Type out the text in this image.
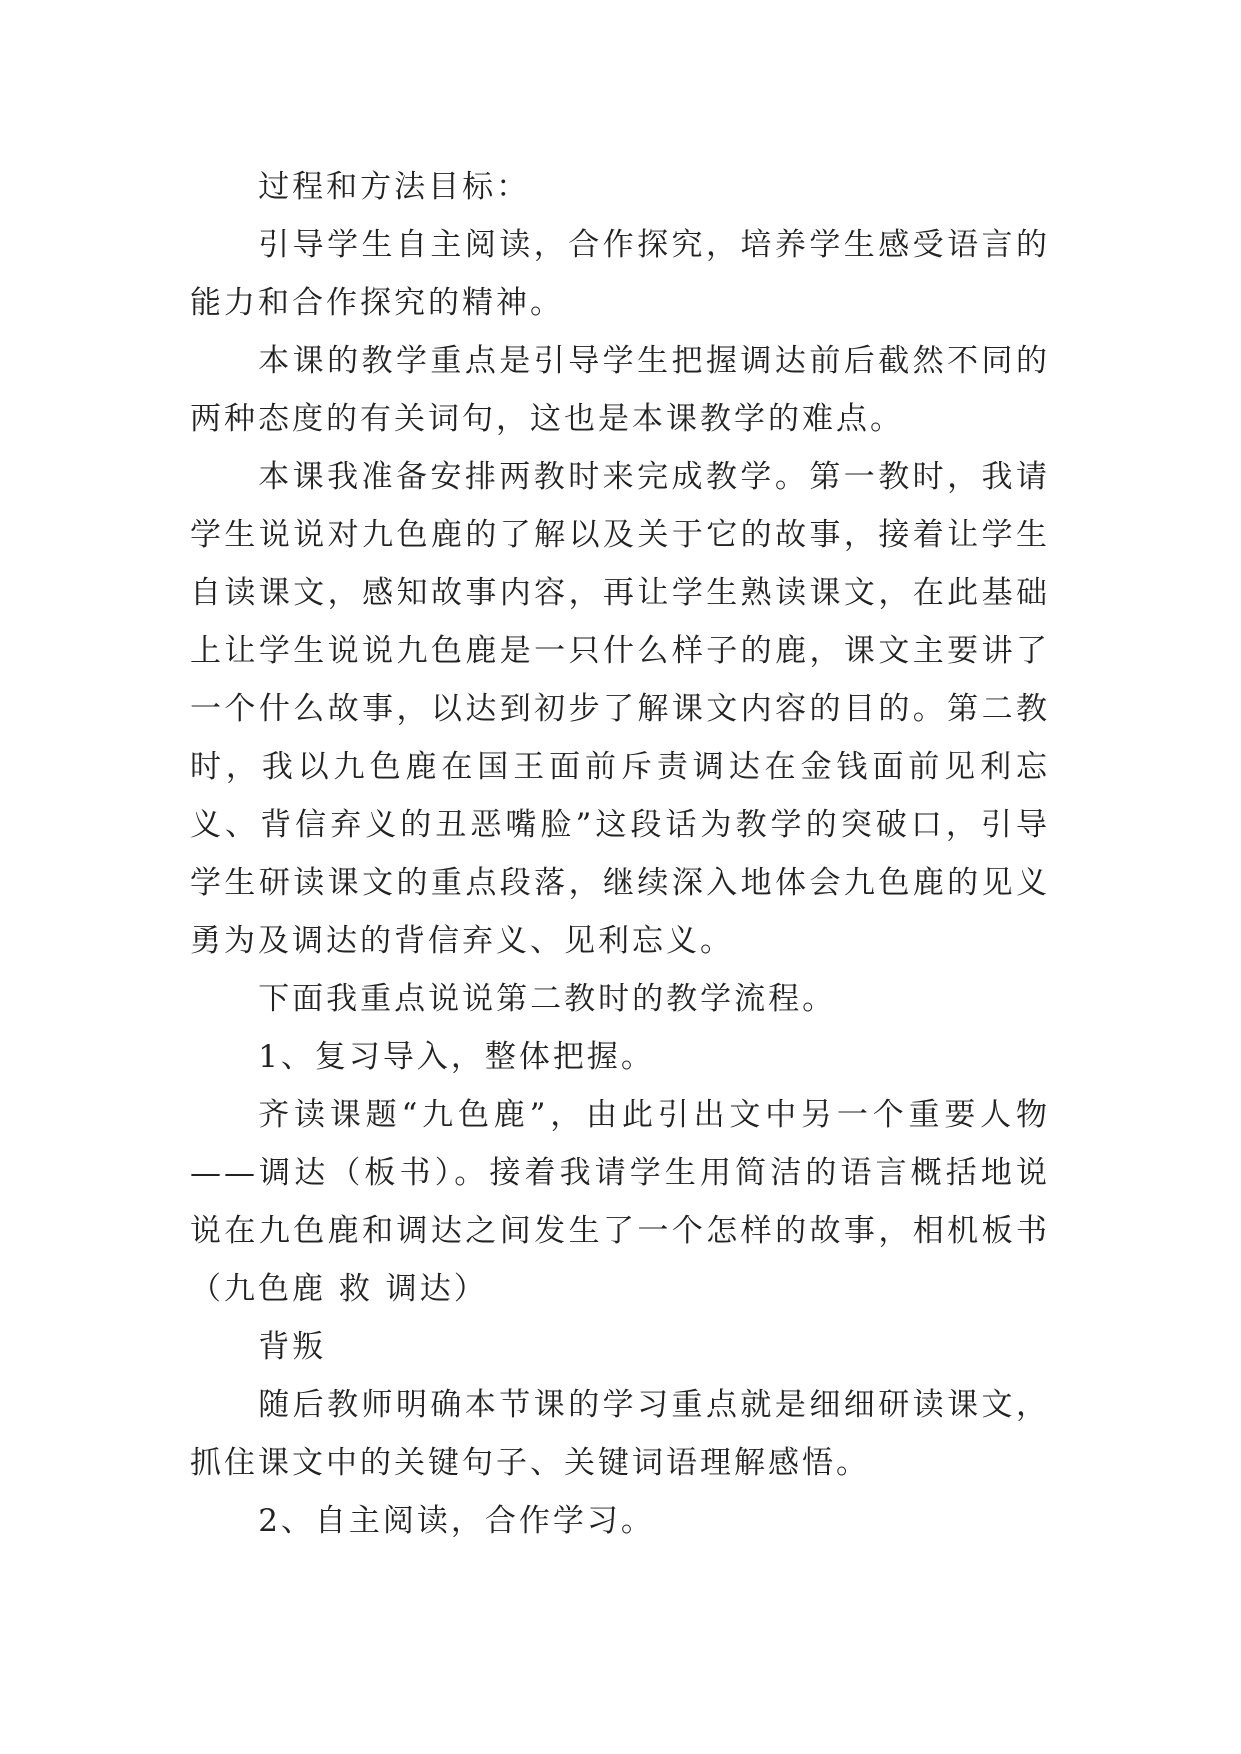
过程和方法目标：

引导学生自主阅读，合作探究，培养学生感受语言的能力和合作探究的精神。

本课的教学重点是引导学生把握调达前后截然不同的两种态度的有关词句，这也是本课教学的难点。

本课我准备安排两教时来完成教学。第一教时，我请学生说说对九色鹿的了解以及关于它的故事，接着让学生自读课文，感知故事内容，再让学生熟读课文，在此基础上让学生说说九色鹿是一只什么样子的鹿，课文主要讲了一个什么故事，以达到初步了解课文内容的目的。第二教时，我以九色鹿在国王面前斥责调达在金钱面前见利忘义、背信弃义的丑恶嘴脸”这段话为教学的突破口，引导学生研读课文的重点段落，继续深入地体会九色鹿的见义勇为及调达的背信弃义、见利忘义。

下面我重点说说第二教时的教学流程。

1、复习导入，整体把握。

齐读课题“九色鹿”，由此引出文中另一个重要人物——调达（板书）。接着我请学生用简洁的语言概括地说说在九色鹿和调达之间发生了一个怎样的故事，相机板书（九色鹿 救 调达）

背叛

随后教师明确本节课的学习重点就是细细研读课文，抓住课文中的关键句子、关键词语理解感悟。

2、自主阅读，合作学习。
